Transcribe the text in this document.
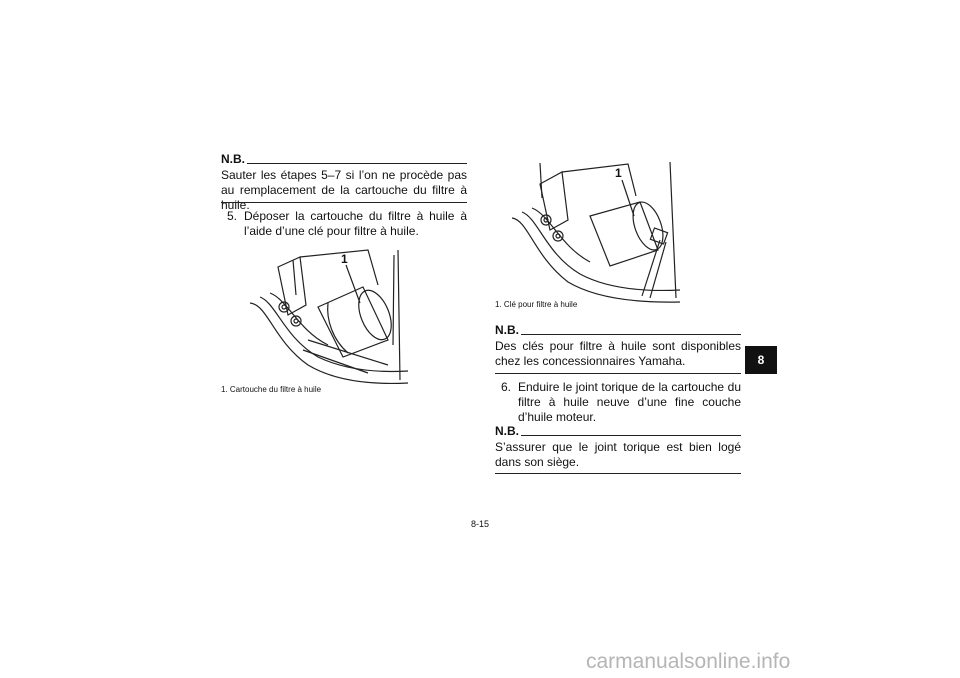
N.B.
Sauter les étapes 5–7 si l’on ne procède pas au remplacement de la cartouche du filtre à huile.
5. Déposer la cartouche du filtre à huile à l’aide d’une clé pour filtre à huile.
1
1. Cartouche du filtre à huile
1
1. Clé pour filtre à huile
N.B.
Des clés pour filtre à huile sont disponibles chez les concessionnaires Yamaha.
6. Enduire le joint torique de la cartouche du filtre à huile neuve d’une fine couche d’huile moteur.
N.B.
S’assurer que le joint torique est bien logé dans son siège.
8
8-15
carmanualsonline.info
